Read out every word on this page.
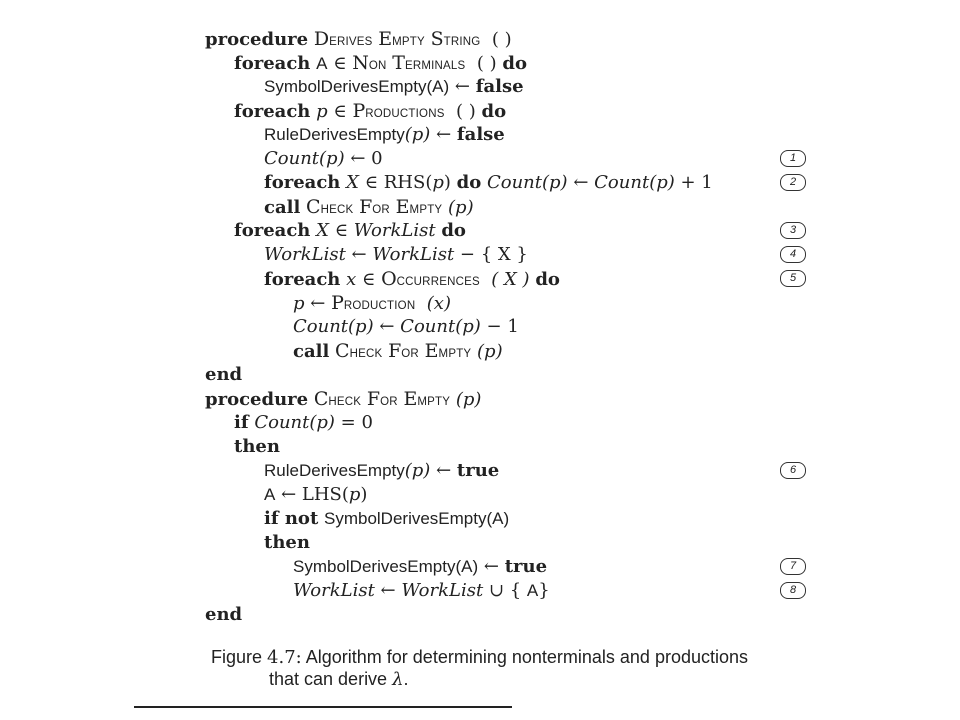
procedure DERIVES EMPTY STRING ( )
foreach A ∈ NON TERMINALS ( ) do
SymbolDerivesEmpty(A) ← false
foreach p ∈ PRODUCTIONS ( ) do
RuleDerivesEmpty(p) ← false
Count(p) ← 0
foreach X ∈ RHS(p) do Count(p) ← Count(p) + 1
call CHECK FOR EMPTY (p)
foreach X ∈ WorkList do
WorkList ← WorkList − { X }
foreach x ∈ OCCURRENCES ( X ) do
p ← PRODUCTION (x)
Count(p) ← Count(p) − 1
call CHECK FOR EMPTY (p)
end
procedure CHECK FOR EMPTY (p)
if Count(p) = 0
then
RuleDerivesEmpty(p) ← true
A ← LHS(p)
if not SymbolDerivesEmpty(A)
then
SymbolDerivesEmpty(A) ← true
WorkList ← WorkList ∪ { A}
end
1
2
3
4
5
6
7
8
Figure 4.7: Algorithm for determining nonterminals and productions
that can derive λ.
